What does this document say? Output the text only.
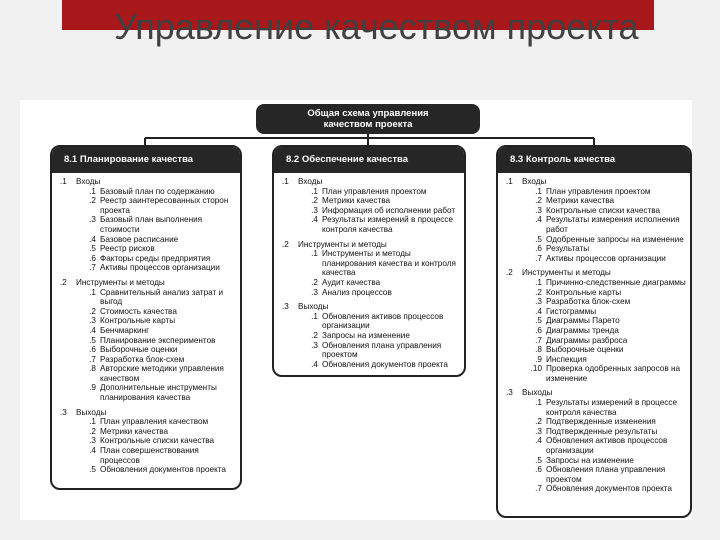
Управление качеством проекта
Общая схема управления
качеством проекта
8.1 Планирование качества
.1	Входы
.1 Базовый план по содержанию
.2 Реестр заинтересованных сторон проекта
.3 Базовый план выполнения стоимости
.4 Базовое расписание
.5 Реестр рисков
.6 Факторы среды предприятия
.7 Активы процессов организации
.2	Инструменты и методы
.1 Сравнительный анализ затрат и выгод
.2 Стоимость качества
.3 Контрольные карты
.4 Бенчмаркинг
.5 Планирование экспериментов
.6 Выборочные оценки
.7 Разработка блок-схем
.8 Авторские методики управления качеством
.9 Дополнительные инструменты планирования качества
.3	Выходы
.1 План управления качеством
.2 Метрики качества
.3 Контрольные списки качества
.4 План совершенствования процессов
.5 Обновления документов проекта
8.2 Обеспечение качества
.1	Входы
.1 План управления проектом
.2 Метрики качества
.3 Информация об исполнении работ
.4 Результаты измерений в процессе контроля качества
.2	Инструменты и методы
.1 Инструменты и методы планирования качества и контроля качества
.2 Аудит качества
.3 Анализ процессов
.3	Выходы
.1 Обновления активов процессов организации
.2 Запросы на изменение
.3 Обновления плана управления проектом
.4 Обновления документов проекта
8.3 Контроль качества
.1	Входы
.1 План управления проектом
.2 Метрики качества
.3 Контрольные списки качества
.4 Результаты измерения исполнения работ
.5 Одобренные запросы на изменение
.6 Результаты
.7 Активы процессов организации
.2	Инструменты и методы
.1 Причинно-следственные диаграммы
.2 Контрольные карты
.3 Разработка блок-схем
.4 Гистограммы
.5 Диаграммы Парето
.6 Диаграммы тренда
.7 Диаграммы разброса
.8 Выборочные оценки
.9 Инспекция
.10 Проверка одобренных запросов на изменение
.3	Выходы
.1 Результаты измерений в процессе контроля качества
.2 Подтвержденные изменения
.3 Подтвержденные результаты
.4 Обновления активов процессов организации
.5 Запросы на изменение
.6 Обновления плана управления проектом
.7 Обновления документов проекта
